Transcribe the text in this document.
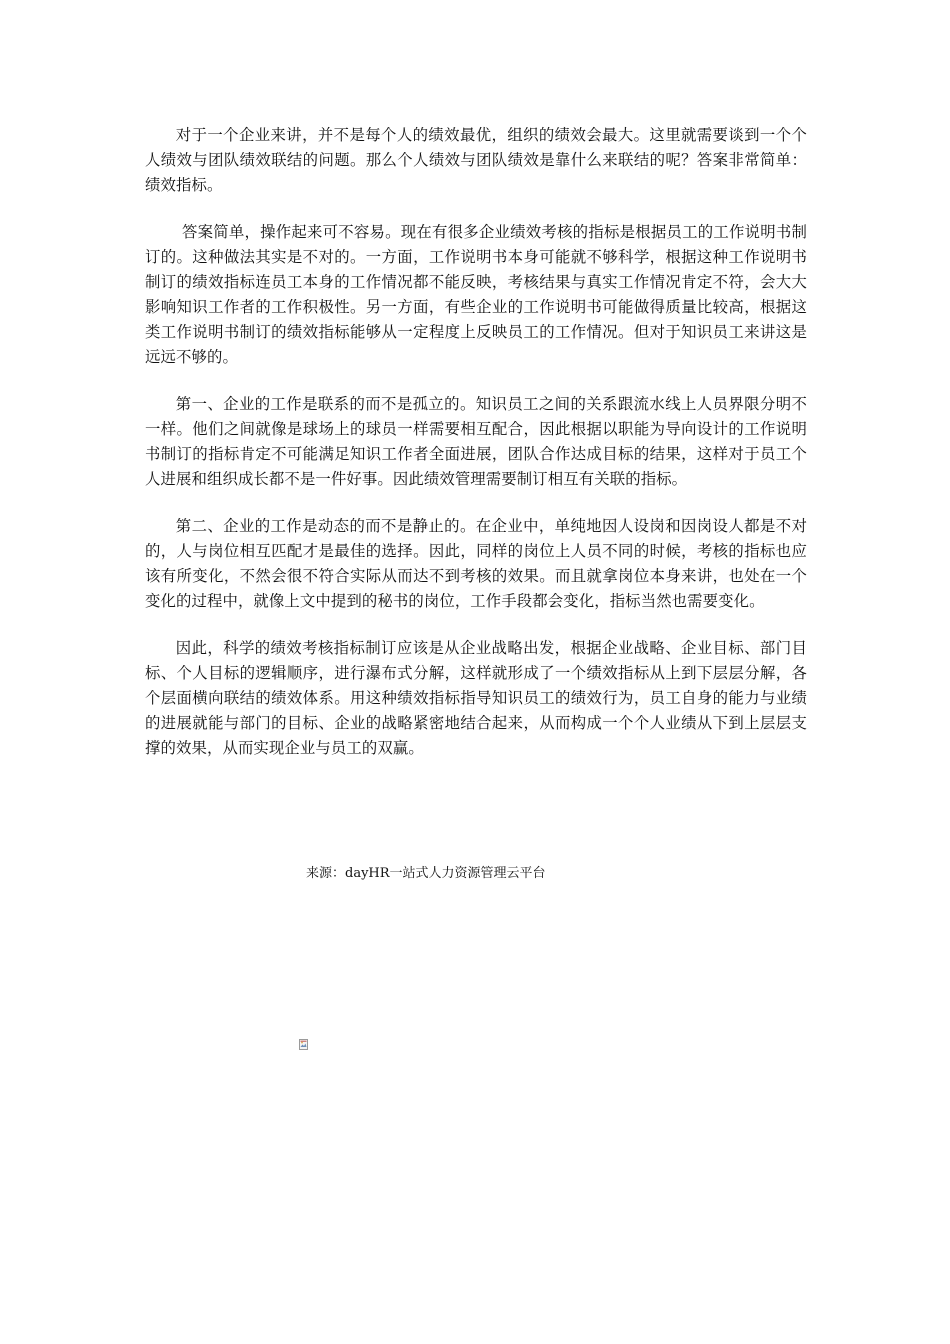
对于一个企业来讲，并不是每个人的绩效最优，组织的绩效会最大。这里就需要谈到一个个人绩效与团队绩效联结的问题。那么个人绩效与团队绩效是靠什么来联结的呢？答案非常简单：绩效指标。

答案简单，操作起来可不容易。现在有很多企业绩效考核的指标是根据员工的工作说明书制订的。这种做法其实是不对的。一方面，工作说明书本身可能就不够科学，根据这种工作说明书制订的绩效指标连员工本身的工作情况都不能反映，考核结果与真实工作情况肯定不符，会大大影响知识工作者的工作积极性。另一方面，有些企业的工作说明书可能做得质量比较高，根据这类工作说明书制订的绩效指标能够从一定程度上反映员工的工作情况。但对于知识员工来讲这是远远不够的。

第一、企业的工作是联系的而不是孤立的。知识员工之间的关系跟流水线上人员界限分明不一样。他们之间就像是球场上的球员一样需要相互配合，因此根据以职能为导向设计的工作说明书制订的指标肯定不可能满足知识工作者全面进展，团队合作达成目标的结果，这样对于员工个人进展和组织成长都不是一件好事。因此绩效管理需要制订相互有关联的指标。

第二、企业的工作是动态的而不是静止的。在企业中，单纯地因人设岗和因岗设人都是不对的，人与岗位相互匹配才是最佳的选择。因此，同样的岗位上人员不同的时候，考核的指标也应该有所变化，不然会很不符合实际从而达不到考核的效果。而且就拿岗位本身来讲，也处在一个变化的过程中，就像上文中提到的秘书的岗位，工作手段都会变化，指标当然也需要变化。

因此，科学的绩效考核指标制订应该是从企业战略出发，根据企业战略、企业目标、部门目标、个人目标的逻辑顺序，进行瀑布式分解，这样就形成了一个绩效指标从上到下层层分解，各个层面横向联结的绩效体系。用这种绩效指标指导知识员工的绩效行为，员工自身的能力与业绩的进展就能与部门的目标、企业的战略紧密地结合起来，从而构成一个个人业绩从下到上层层支撑的效果，从而实现企业与员工的双赢。

来源：dayHR一站式人力资源管理云平台
